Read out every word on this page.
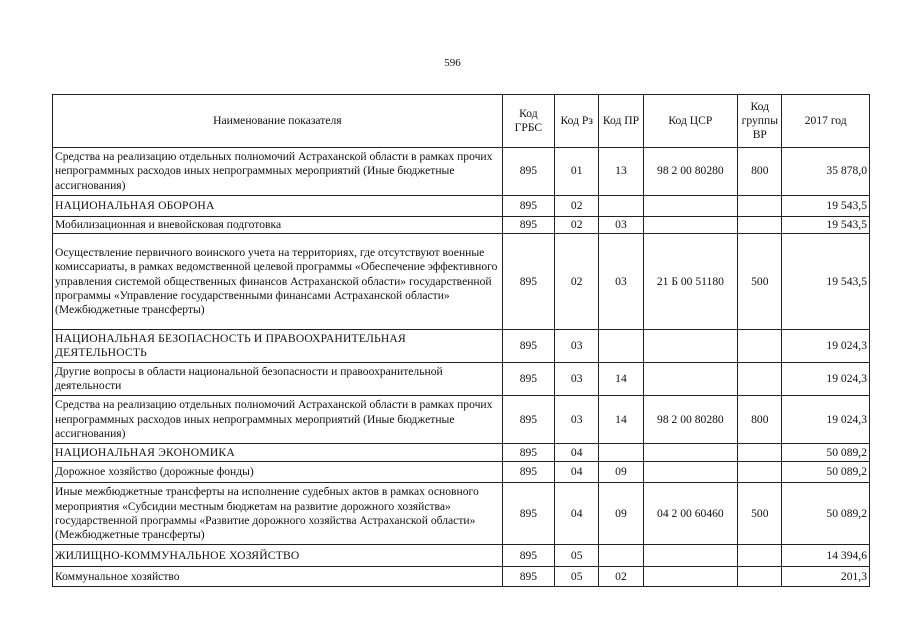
596
Наименование показателя	Код ГРБС	Код Рз	Код ПР	Код ЦСР	Код группы ВР	2017 год
Средства на реализацию отдельных полномочий Астраханской области в рамках прочих непрограммных расходов иных непрограммных мероприятий (Иные бюджетные ассигнования)	895	01	13	98 2 00 80280	800	35 878,0
НАЦИОНАЛЬНАЯ ОБОРОНА	895	02				19 543,5
Мобилизационная и вневойсковая подготовка	895	02	03			19 543,5
Осуществление первичного воинского учета на территориях, где отсутствуют военные комиссариаты, в рамках ведомственной целевой программы «Обеспечение эффективного управления системой общественных финансов Астраханской области» государственной программы «Управление государственными финансами Астраханской области» (Межбюджетные трансферты)	895	02	03	21 Б 00 51180	500	19 543,5
НАЦИОНАЛЬНАЯ БЕЗОПАСНОСТЬ И ПРАВООХРАНИТЕЛЬНАЯ ДЕЯТЕЛЬНОСТЬ	895	03				19 024,3
Другие вопросы в области национальной безопасности и правоохранительной деятельности	895	03	14			19 024,3
Средства на реализацию отдельных полномочий Астраханской области в рамках прочих непрограммных расходов иных непрограммных мероприятий (Иные бюджетные ассигнования)	895	03	14	98 2 00 80280	800	19 024,3
НАЦИОНАЛЬНАЯ ЭКОНОМИКА	895	04				50 089,2
Дорожное хозяйство (дорожные фонды)	895	04	09			50 089,2
Иные межбюджетные трансферты на исполнение судебных актов в рамках основного мероприятия «Субсидии местным бюджетам на развитие дорожного хозяйства» государственной программы «Развитие дорожного хозяйства Астраханской области» (Межбюджетные трансферты)	895	04	09	04 2 00 60460	500	50 089,2
ЖИЛИЩНО-КОММУНАЛЬНОЕ ХОЗЯЙСТВО	895	05				14 394,6
Коммунальное хозяйство	895	05	02			201,3
